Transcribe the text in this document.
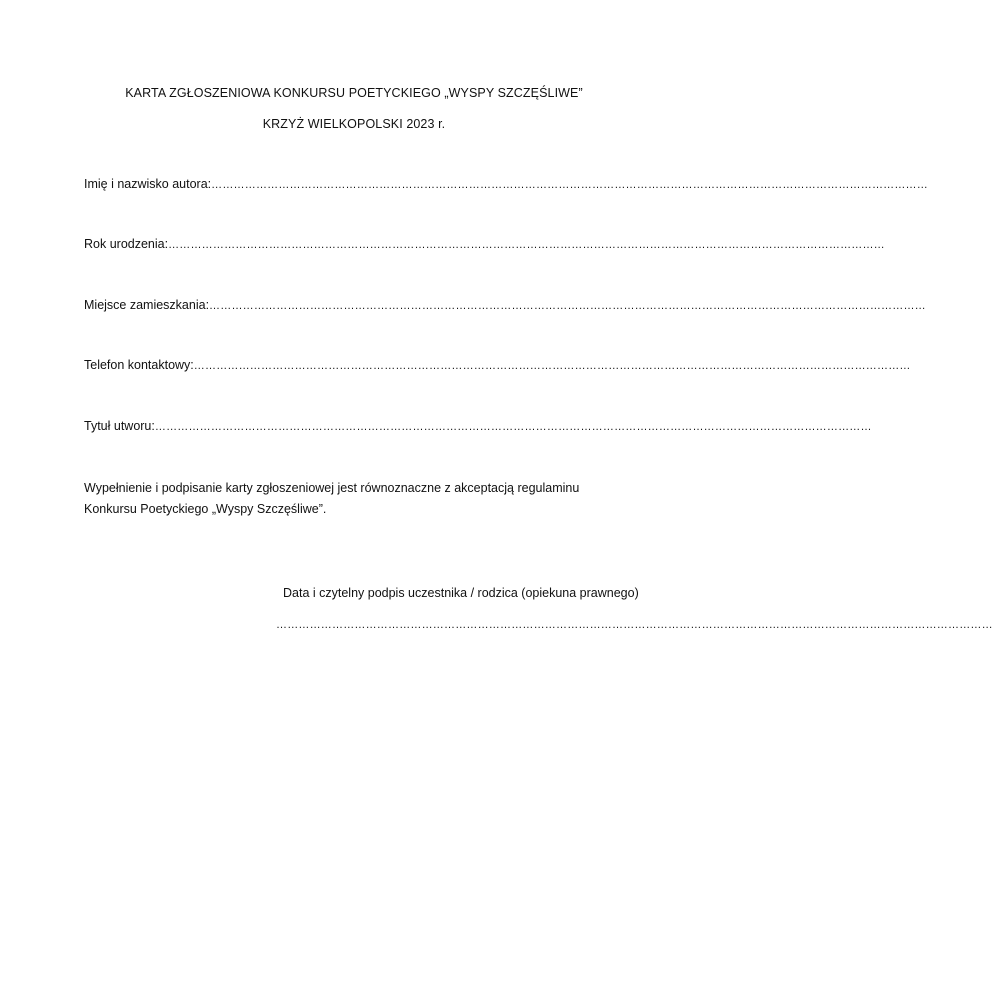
KARTA ZGŁOSZENIOWA KONKURSU POETYCKIEGO „WYSPY SZCZĘŚLIWE”
KRZYŻ WIELKOPOLSKI 2023 r.
Imię i nazwisko autora: …………………………………………………………………………………………………………………………………………………………………………
Rok urodzenia: …………………………………………………………………………………………………………………………………………………………………………
Miejsce zamieszkania: …………………………………………………………………………………………………………………………………………………………………………
Telefon kontaktowy: …………………………………………………………………………………………………………………………………………………………………………
Tytuł utworu: …………………………………………………………………………………………………………………………………………………………………………
Wypełnienie i podpisanie karty zgłoszeniowej jest równoznaczne z akceptacją regulaminu Konkursu Poetyckiego „Wyspy Szczęśliwe”.
Data i czytelny podpis uczestnika / rodzica (opiekuna prawnego)
…………………………………………………………………………………………………………………………………………………………………………
